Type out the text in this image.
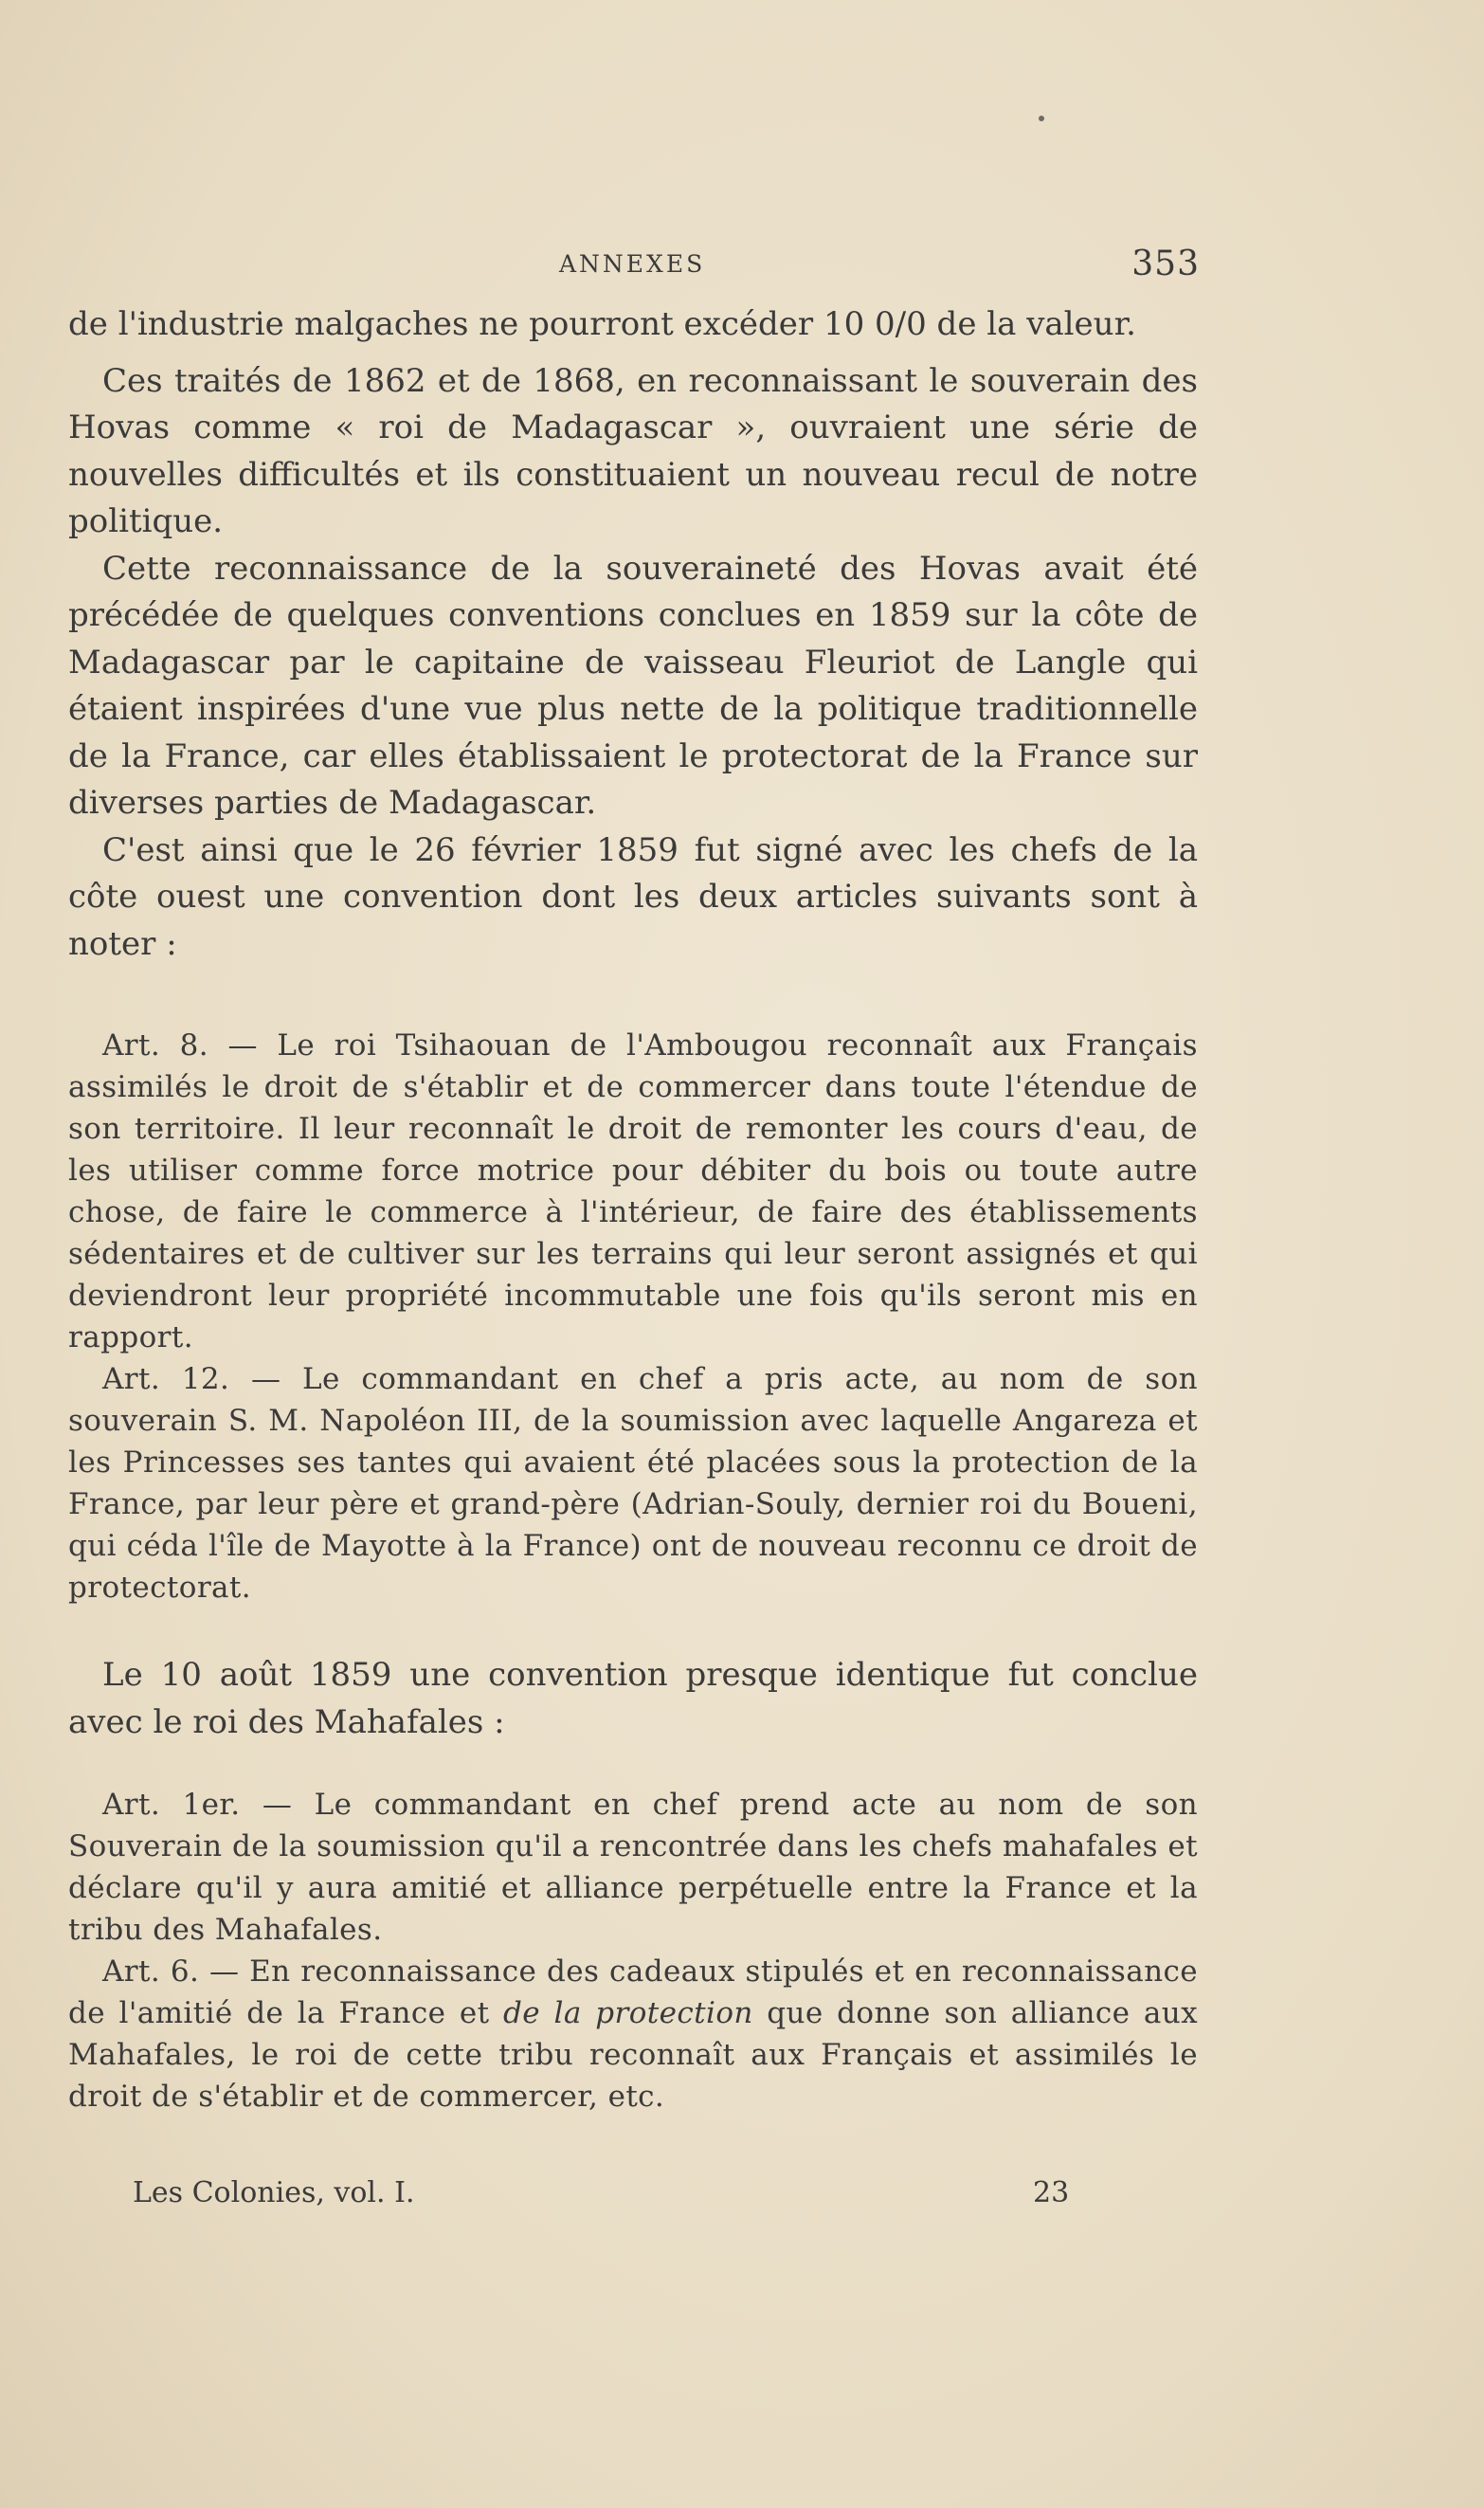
ANNEXES	353

de l'industrie malgaches ne pourront excéder 10 0/0 de la valeur.

Ces traités de 1862 et de 1868, en reconnaissant le souverain des Hovas comme « roi de Madagascar », ouvraient une série de nouvelles difficultés et ils constituaient un nouveau recul de notre politique.

Cette reconnaissance de la souveraineté des Hovas avait été précédée de quelques conventions conclues en 1859 sur la côte de Madagascar par le capitaine de vaisseau Fleuriot de Langle qui étaient inspirées d'une vue plus nette de la politique traditionnelle de la France, car elles établissaient le protectorat de la France sur diverses parties de Madagascar.

C'est ainsi que le 26 février 1859 fut signé avec les chefs de la côte ouest une convention dont les deux articles suivants sont à noter :

Art. 8. — Le roi Tsihaouan de l'Ambougou reconnaît aux Français assimilés le droit de s'établir et de commercer dans toute l'étendue de son territoire. Il leur reconnaît le droit de remonter les cours d'eau, de les utiliser comme force motrice pour débiter du bois ou toute autre chose, de faire le commerce à l'intérieur, de faire des établissements sédentaires et de cultiver sur les terrains qui leur seront assignés et qui deviendront leur propriété incommutable une fois qu'ils seront mis en rapport.

Art. 12. — Le commandant en chef a pris acte, au nom de son souverain S. M. Napoléon III, de la soumission avec laquelle Angareza et les Princesses ses tantes qui avaient été placées sous la protection de la France, par leur père et grand-père (Adrian-Souly, dernier roi du Boueni, qui céda l'île de Mayotte à la France) ont de nouveau reconnu ce droit de protectorat.

Le 10 août 1859 une convention presque identique fut conclue avec le roi des Mahafales :

Art. 1er. — Le commandant en chef prend acte au nom de son Souverain de la soumission qu'il a rencontrée dans les chefs mahafales et déclare qu'il y aura amitié et alliance perpétuelle entre la France et la tribu des Mahafales.

Art. 6. — En reconnaissance des cadeaux stipulés et en reconnaissance de l'amitié de la France et de la protection que donne son alliance aux Mahafales, le roi de cette tribu reconnaît aux Français et assimilés le droit de s'établir et de commercer, etc.

Les Colonies, vol. I.	23
